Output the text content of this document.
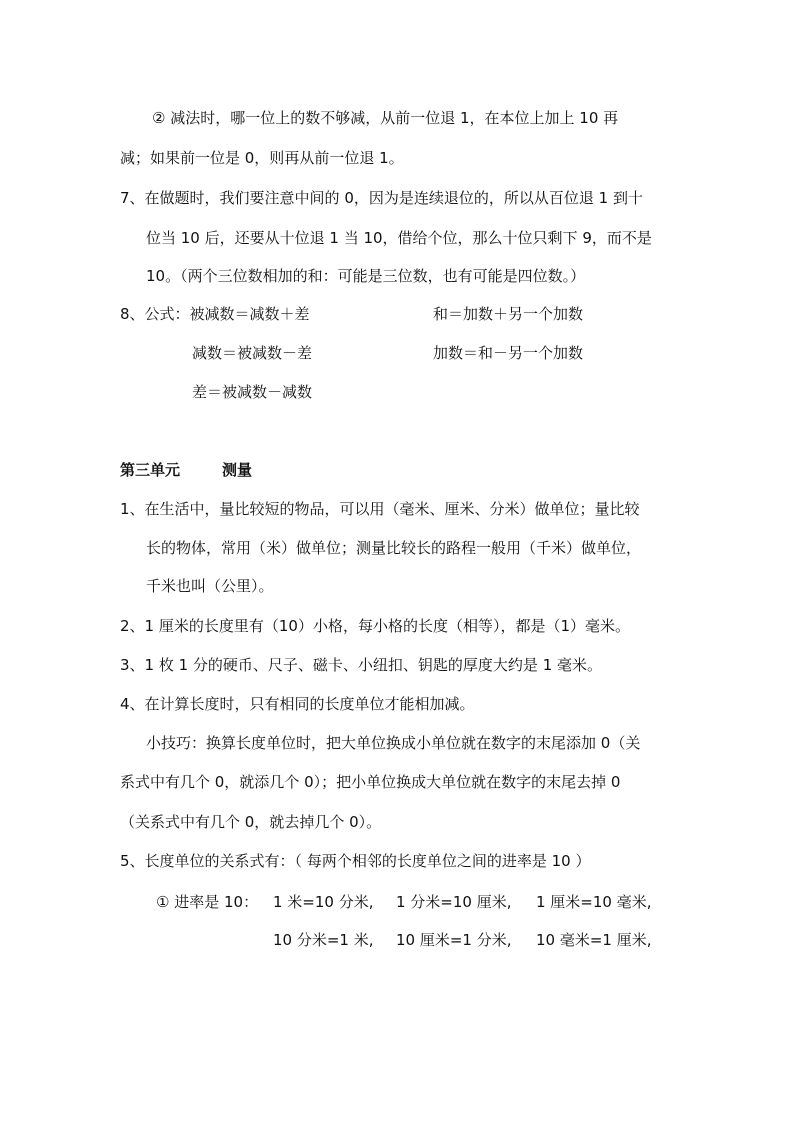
② 减法时，哪一位上的数不够减，从前一位退 1，在本位上加上 10 再
减；如果前一位是 0，则再从前一位退 1。
7、在做题时，我们要注意中间的 0，因为是连续退位的，所以从百位退 1 到十
位当 10 后，还要从十位退 1 当 10，借给个位，那么十位只剩下 9，而不是
10。（两个三位数相加的和：可能是三位数，也有可能是四位数。）
8、公式：被减数＝减数＋差	和＝加数＋另一个加数
减数＝被减数－差	加数＝和－另一个加数
差＝被减数－减数
第三单元	测量
1、在生活中，量比较短的物品，可以用（毫米、厘米、分米）做单位；量比较
长的物体，常用（米）做单位；测量比较长的路程一般用（千米）做单位，
千米也叫（公里）。
2、1 厘米的长度里有（10）小格，每小格的长度（相等），都是（1）毫米。
3、1 枚 1 分的硬币、尺子、磁卡、小纽扣、钥匙的厚度大约是 1 毫米。
4、在计算长度时，只有相同的长度单位才能相加减。
小技巧：换算长度单位时，把大单位换成小单位就在数字的末尾添加 0（关
系式中有几个 0，就添几个 0）；把小单位换成大单位就在数字的末尾去掉 0
（关系式中有几个 0，就去掉几个 0）。
5、长度单位的关系式有：（ 每两个相邻的长度单位之间的进率是 10 ）
① 进率是 10： 1 米=10 分米, 1 分米=10 厘米, 1 厘米=10 毫米,
10 分米=1 米, 10 厘米=1 分米, 10 毫米=1 厘米,
